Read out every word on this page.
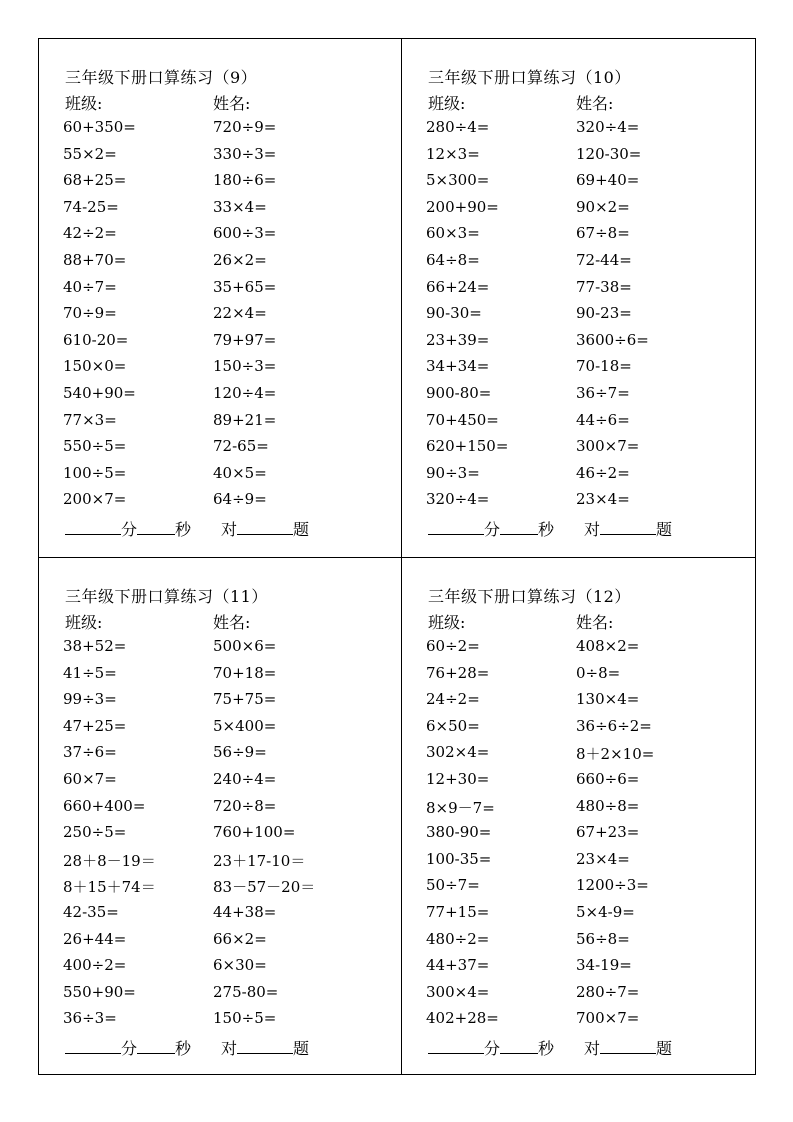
三年级下册口算练习（9）
班级:	姓名:
60+350=	720÷9=
55×2=	330÷3=
68+25=	180÷6=
74-25=	33×4=
42÷2=	600÷3=
88+70=	26×2=
40÷7=	35+65=
70÷9=	22×4=
610-20=	79+97=
150×0=	150÷3=
540+90=	120÷4=
77×3=	89+21=
550÷5=	72-65=
100÷5=	40×5=
200×7=	64÷9=
分 秒 对	题
三年级下册口算练习（10）
班级:	姓名:
280÷4=	320÷4=
12×3=	120-30=
5×300=	69+40=
200+90=	90×2=
60×3=	67÷8=
64÷8=	72-44=
66+24=	77-38=
90-30=	90-23=
23+39=	3600÷6=
34+34=	70-18=
900-80=	36÷7=
70+450=	44÷6=
620+150=	300×7=
90÷3=	46÷2=
320÷4=	23×4=
分 秒 对	题
三年级下册口算练习（11）
班级:	姓名:
38+52=	500×6=
41÷5=	70+18=
99÷3=	75+75=
47+25=	5×400=
37÷6=	56÷9=
60×7=	240÷4=
660+400=	720÷8=
250÷5=	760+100=
28＋8－19＝	23＋17-10＝
8＋15＋74＝	83－57－20＝
42-35=	44+38=
26+44=	66×2=
400÷2=	6×30=
550+90=	275-80=
36÷3=	150÷5=
分 秒 对	题
三年级下册口算练习（12）
班级:	姓名:
60÷2=	408×2=
76+28=	0÷8=
24÷2=	130×4=
6×50=	36÷6÷2=
302×4=	8＋2×10=
12+30=	660÷6=
8×9－7=	480÷8=
380-90=	67+23=
100-35=	23×4=
50÷7=	1200÷3=
77+15=	5×4-9=
480÷2=	56÷8=
44+37=	34-19=
300×4=	280÷7=
402+28=	700×7=
分 秒 对	题
